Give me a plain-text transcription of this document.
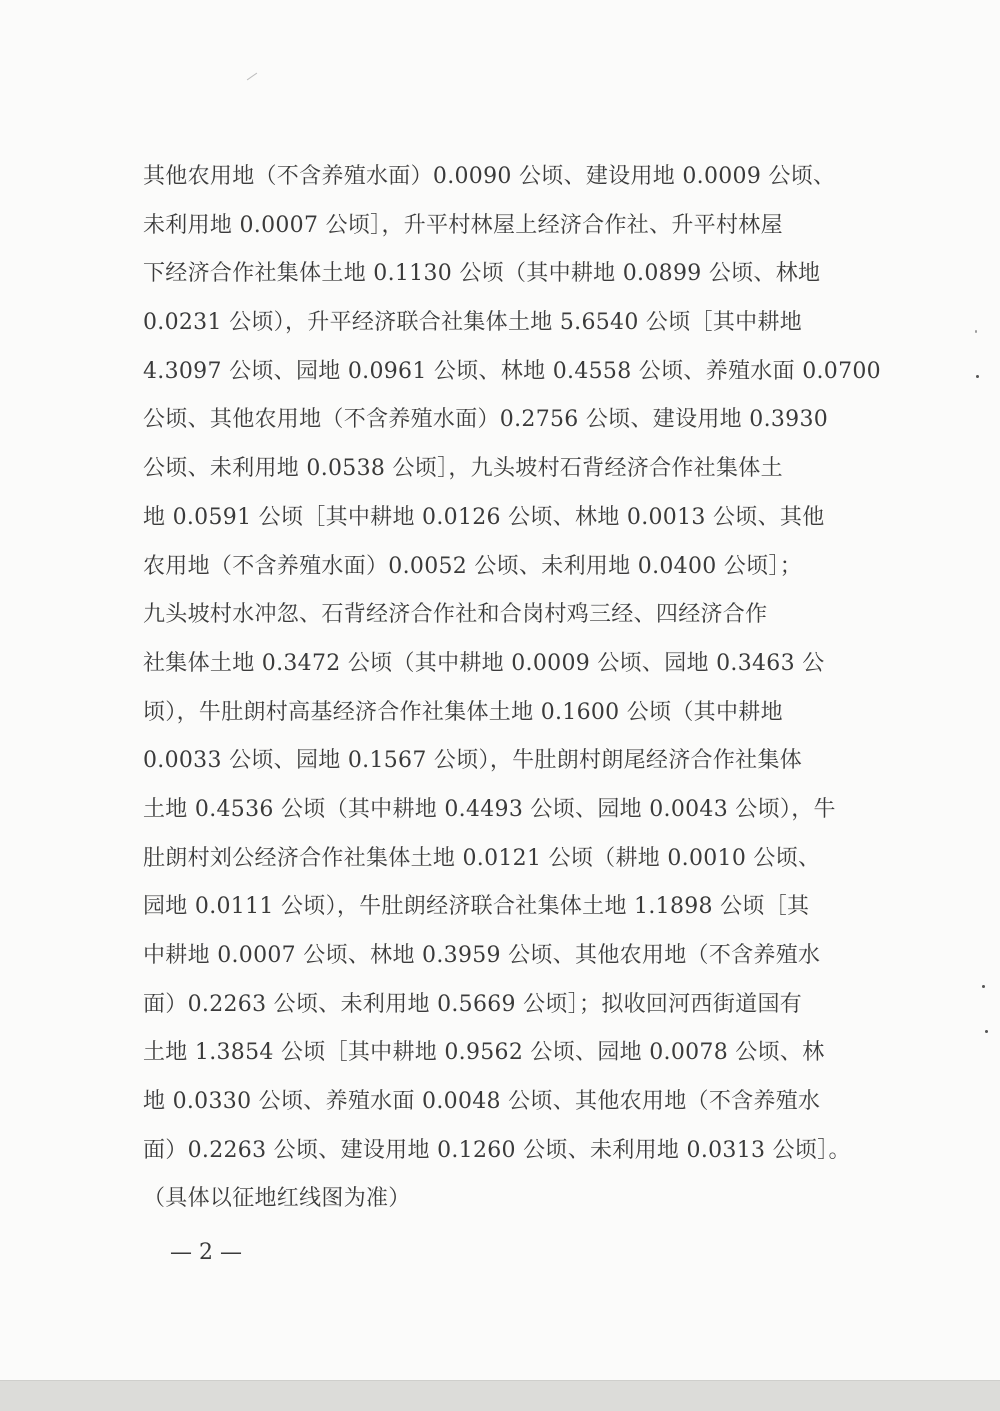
其他农用地（不含养殖水面）0.0090 公顷、建设用地 0.0009 公顷、
未利用地 0.0007 公顷］，升平村林屋上经济合作社、升平村林屋
下经济合作社集体土地 0.1130 公顷（其中耕地 0.0899 公顷、林地
0.0231 公顷），升平经济联合社集体土地 5.6540 公顷［其中耕地
4.3097 公顷、园地 0.0961 公顷、林地 0.4558 公顷、养殖水面 0.0700
公顷、其他农用地（不含养殖水面）0.2756 公顷、建设用地 0.3930
公顷、未利用地 0.0538 公顷］，九头坡村石背经济合作社集体土
地 0.0591 公顷［其中耕地 0.0126 公顷、林地 0.0013 公顷、其他
农用地（不含养殖水面）0.0052 公顷、未利用地 0.0400 公顷］；
九头坡村水冲忽、石背经济合作社和合岗村鸡三经、四经济合作
社集体土地 0.3472 公顷（其中耕地 0.0009 公顷、园地 0.3463 公
顷），牛肚朗村高基经济合作社集体土地 0.1600 公顷（其中耕地
0.0033 公顷、园地 0.1567 公顷），牛肚朗村朗尾经济合作社集体
土地 0.4536 公顷（其中耕地 0.4493 公顷、园地 0.0043 公顷），牛
肚朗村刘公经济合作社集体土地 0.0121 公顷（耕地 0.0010 公顷、
园地 0.0111 公顷），牛肚朗经济联合社集体土地 1.1898 公顷［其
中耕地 0.0007 公顷、林地 0.3959 公顷、其他农用地（不含养殖水
面）0.2263 公顷、未利用地 0.5669 公顷］；拟收回河西街道国有
土地 1.3854 公顷［其中耕地 0.9562 公顷、园地 0.0078 公顷、林
地 0.0330 公顷、养殖水面 0.0048 公顷、其他农用地（不含养殖水
面）0.2263 公顷、建设用地 0.1260 公顷、未利用地 0.0313 公顷］。
（具体以征地红线图为准）
— 2 —
